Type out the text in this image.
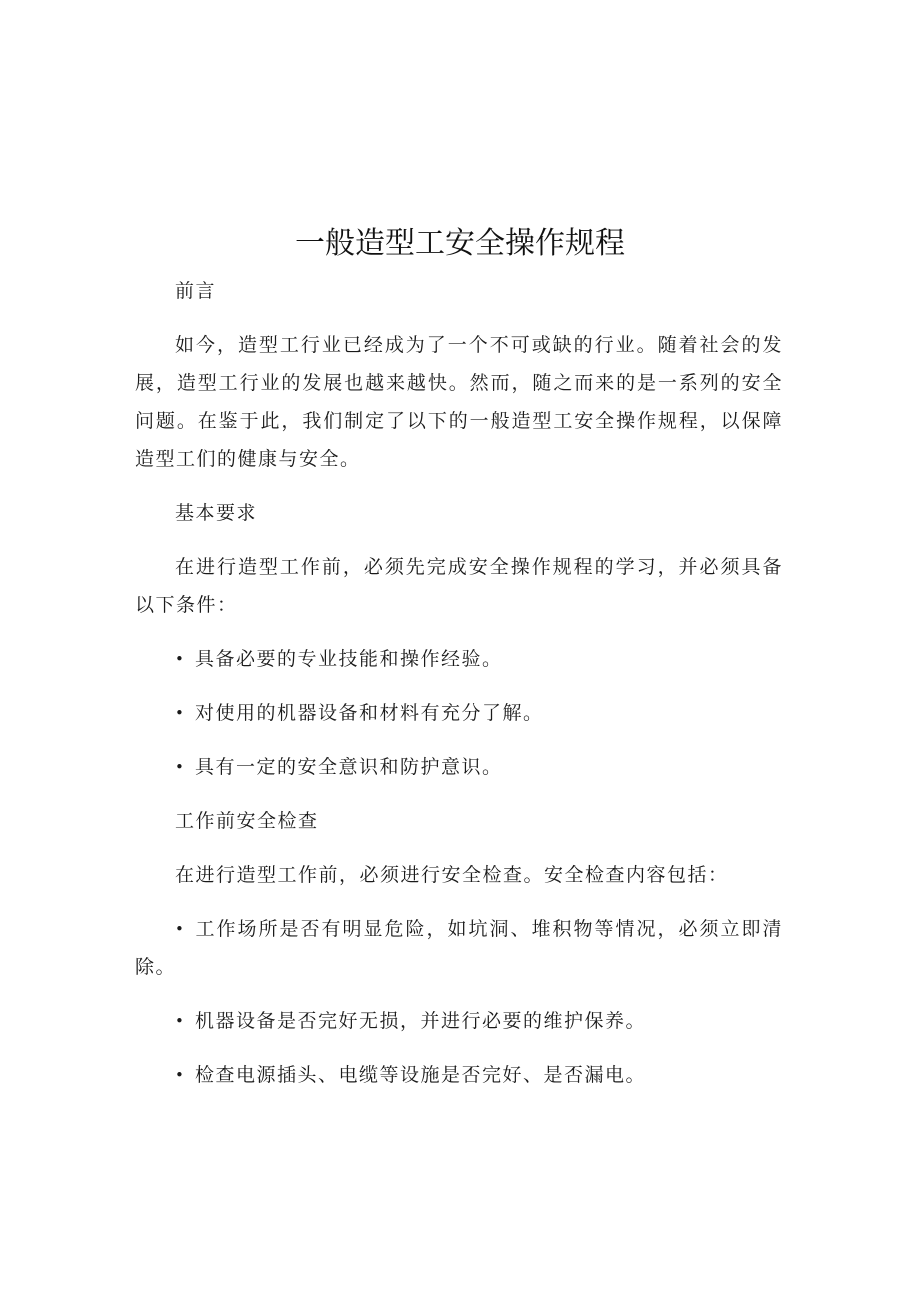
一般造型工安全操作规程

前言

如今，造型工行业已经成为了一个不可或缺的行业。随着社会的发展，造型工行业的发展也越来越快。然而，随之而来的是一系列的安全问题。在鉴于此，我们制定了以下的一般造型工安全操作规程，以保障造型工们的健康与安全。

基本要求

在进行造型工作前，必须先完成安全操作规程的学习，并必须具备以下条件：

• 具备必要的专业技能和操作经验。

• 对使用的机器设备和材料有充分了解。

• 具有一定的安全意识和防护意识。

工作前安全检查

在进行造型工作前，必须进行安全检查。安全检查内容包括：

• 工作场所是否有明显危险，如坑洞、堆积物等情况，必须立即清除。

• 机器设备是否完好无损，并进行必要的维护保养。

• 检查电源插头、电缆等设施是否完好、是否漏电。
